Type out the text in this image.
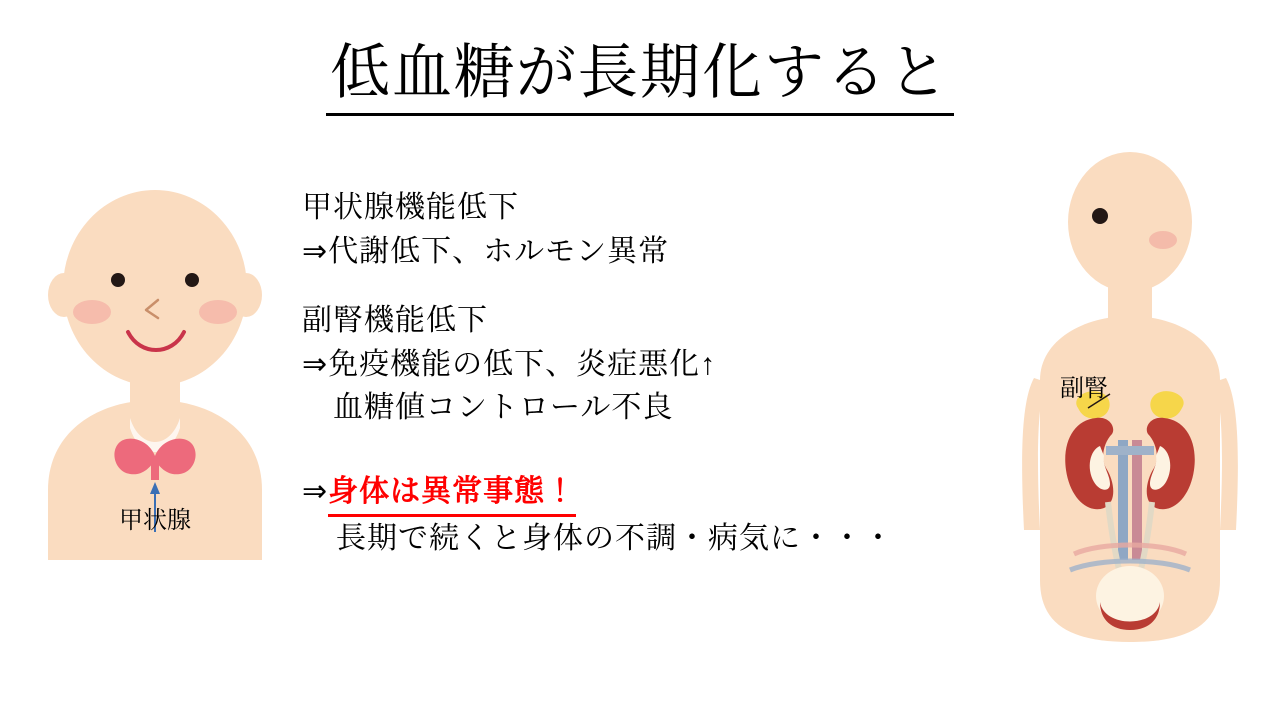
低血糖が長期化すると
甲状腺
副腎
甲状腺機能低下
⇒代謝低下、ホルモン異常
副腎機能低下
⇒免疫機能の低下、炎症悪化↑
　血糖値コントロール不良
⇒身体は異常事態！
長期で続くと身体の不調・病気に・・・
